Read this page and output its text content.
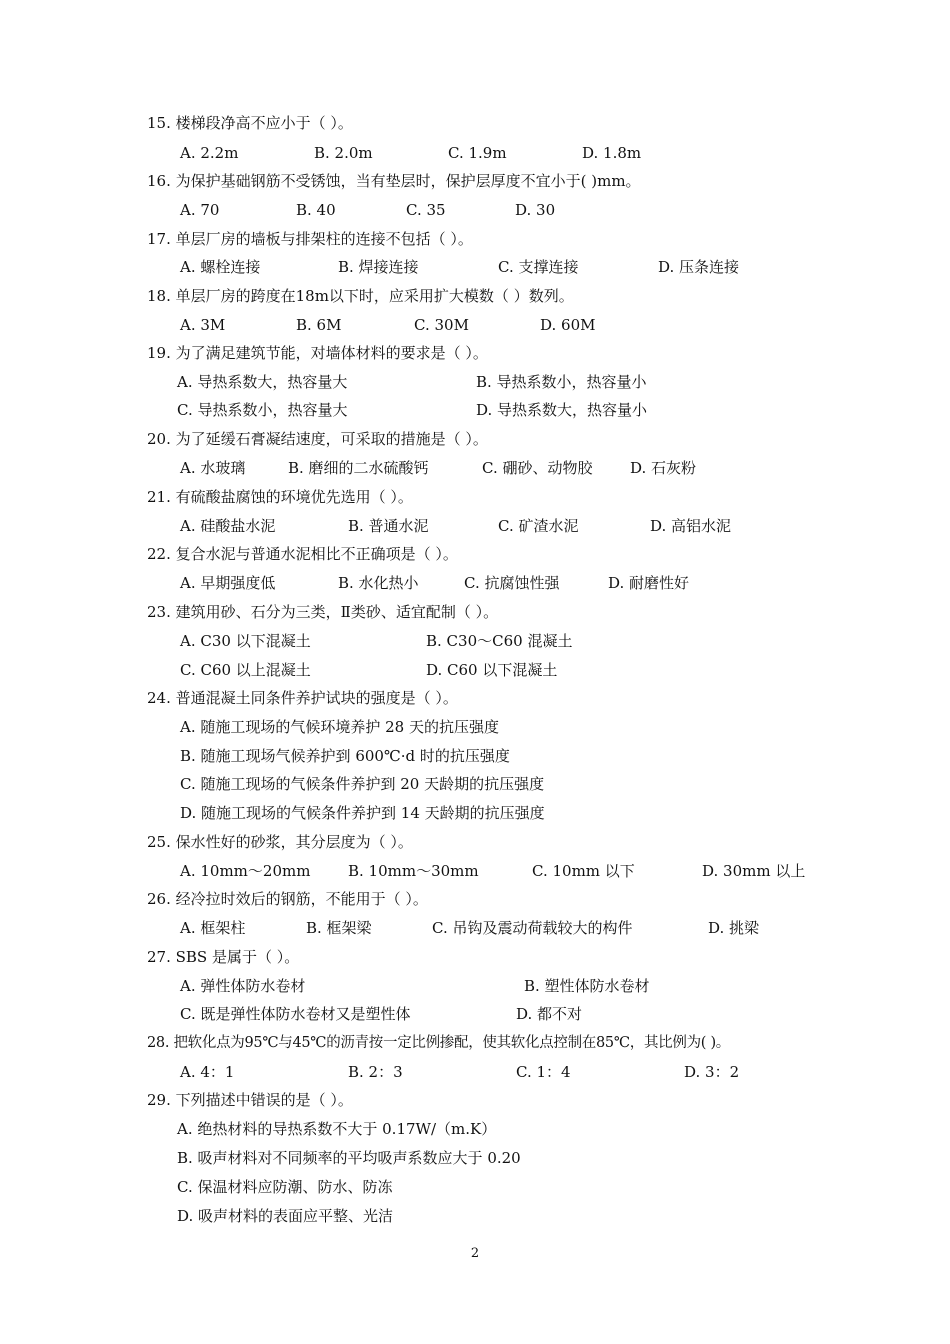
15. 楼梯段净高不应小于（ ）。

A. 2.2m	B. 2.0m	C. 1.9m	D. 1.8m

16. 为保护基础钢筋不受锈蚀，当有垫层时，保护层厚度不宜小于( )mm。

A. 70	B. 40	C. 35	D. 30

17. 单层厂房的墙板与排架柱的连接不包括（ ）。

A. 螺栓连接	B. 焊接连接	C. 支撑连接	D. 压条连接

18. 单层厂房的跨度在18m以下时，应采用扩大模数（ ）数列。

A. 3M	B. 6M	C. 30M	D. 60M

19. 为了满足建筑节能，对墙体材料的要求是（ ）。

A. 导热系数大，热容量大	B. 导热系数小，热容量小

C. 导热系数小，热容量大	D. 导热系数大，热容量小

20. 为了延缓石膏凝结速度，可采取的措施是（ ）。

A. 水玻璃	B. 磨细的二水硫酸钙	C. 硼砂、动物胶	D. 石灰粉

21. 有硫酸盐腐蚀的环境优先选用（ ）。

A. 硅酸盐水泥	B. 普通水泥	C. 矿渣水泥	D. 高铝水泥

22. 复合水泥与普通水泥相比不正确项是（ ）。

A. 早期强度低	B. 水化热小	C. 抗腐蚀性强	D. 耐磨性好

23. 建筑用砂、石分为三类，Ⅱ类砂、适宜配制（ ）。

A. C30 以下混凝土	B. C30～C60 混凝土

C. C60 以上混凝土	D. C60 以下混凝土

24. 普通混凝土同条件养护试块的强度是（ ）。

A. 随施工现场的气候环境养护 28 天的抗压强度

B. 随施工现场气候养护到 600℃·d 时的抗压强度

C. 随施工现场的气候条件养护到 20 天龄期的抗压强度

D. 随施工现场的气候条件养护到 14 天龄期的抗压强度

25. 保水性好的砂浆，其分层度为（ ）。

A. 10mm～20mm	B. 10mm～30mm	C. 10mm 以下	D. 30mm 以上

26. 经冷拉时效后的钢筋，不能用于（ ）。

A. 框架柱	B. 框架梁	C. 吊钩及震动荷载较大的构件	D. 挑梁

27. SBS 是属于（ ）。

A. 弹性体防水卷材	B. 塑性体防水卷材

C. 既是弹性体防水卷材又是塑性体	D. 都不对

28. 把软化点为95℃与45℃的沥青按一定比例掺配，使其软化点控制在85℃，其比例为( )。

A. 4：1	B. 2：3	C. 1：4	D. 3：2

29. 下列描述中错误的是（ ）。

A. 绝热材料的导热系数不大于 0.17W/（m.K）

B. 吸声材料对不同频率的平均吸声系数应大于 0.20

C. 保温材料应防潮、防水、防冻

D. 吸声材料的表面应平整、光洁

2
